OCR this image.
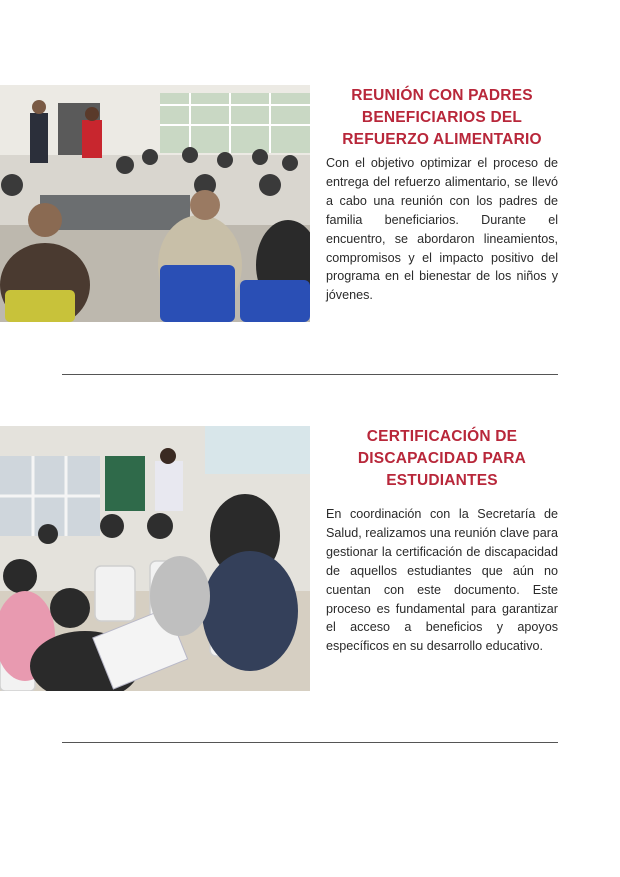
REUNIÓN CON PADRES BENEFICIARIOS DEL REFUERZO ALIMENTARIO

Con el objetivo optimizar el proceso de entrega del refuerzo alimentario, se llevó a cabo una reunión con los padres de familia beneficiarios. Durante el encuentro, se abordaron lineamientos, compromisos y el impacto positivo del programa en el bienestar de los niños y jóvenes.

CERTIFICACIÓN DE DISCAPACIDAD PARA ESTUDIANTES

En coordinación con la Secretaría de Salud, realizamos una reunión clave para gestionar la certificación de discapacidad de aquellos estudiantes que aún no cuentan con este documento. Este proceso es fundamental para garantizar el acceso a beneficios y apoyos específicos en su desarrollo educativo.
